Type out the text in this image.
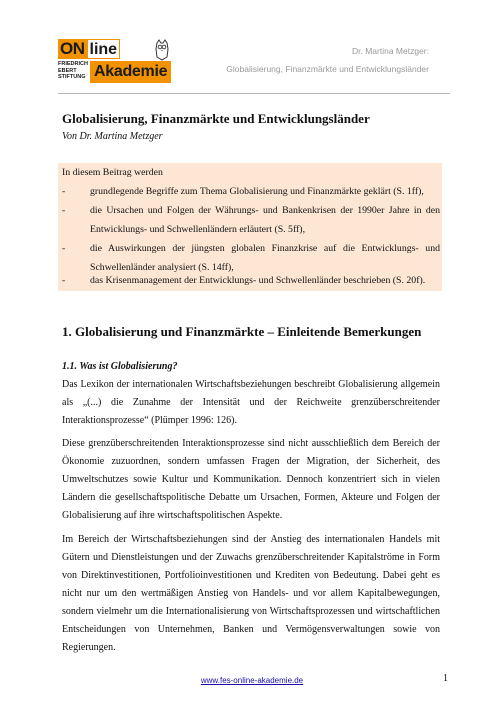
ON line
FRIEDRICH
EBERT
STIFTUNG Akademie
Dr. Martina Metzger:
Globalisierung, Finanzmärkte und Entwicklungsländer
Globalisierung, Finanzmärkte und Entwicklungsländer
Von Dr. Martina Metzger
In diesem Beitrag werden
-	grundlegende Begriffe zum Thema Globalisierung und Finanzmärkte geklärt (S. 1ff),
-	die Ursachen und Folgen der Währungs- und Bankenkrisen der 1990er Jahre in den
Entwicklungs- und Schwellenländern erläutert (S. 5ff),
-	die Auswirkungen der jüngsten globalen Finanzkrise auf die Entwicklungs- und
Schwellenländer analysiert (S. 14ff),
-	das Krisenmanagement der Entwicklungs- und Schwellenländer beschrieben (S. 20f).
1. Globalisierung und Finanzmärkte – Einleitende Bemerkungen
1.1. Was ist Globalisierung?
Das Lexikon der internationalen Wirtschaftsbeziehungen beschreibt Globalisierung allgemein
als „(...) die Zunahme der Intensität und der Reichweite grenzüberschreitender
Interaktionsprozesse“ (Plümper 1996: 126).
Diese grenzüberschreitenden Interaktionsprozesse sind nicht ausschließlich dem Bereich der
Ökonomie zuzuordnen, sondern umfassen Fragen der Migration, der Sicherheit, des
Umweltschutzes sowie Kultur und Kommunikation. Dennoch konzentriert sich in vielen
Ländern die gesellschaftspolitische Debatte um Ursachen, Formen, Akteure und Folgen der
Globalisierung auf ihre wirtschaftspolitischen Aspekte.
Im Bereich der Wirtschaftsbeziehungen sind der Anstieg des internationalen Handels mit
Gütern und Dienstleistungen und der Zuwachs grenzüberschreitender Kapitalströme in Form
von Direktinvestitionen, Portfolioinvestitionen und Krediten von Bedeutung. Dabei geht es
nicht nur um den wertmäßigen Anstieg von Handels- und vor allem Kapitalbewegungen,
sondern vielmehr um die Internationalisierung von Wirtschaftsprozessen und wirtschaftlichen
Entscheidungen von Unternehmen, Banken und Vermögensverwaltungen sowie von
Regierungen.
www.fes-online-akademie.de	1
